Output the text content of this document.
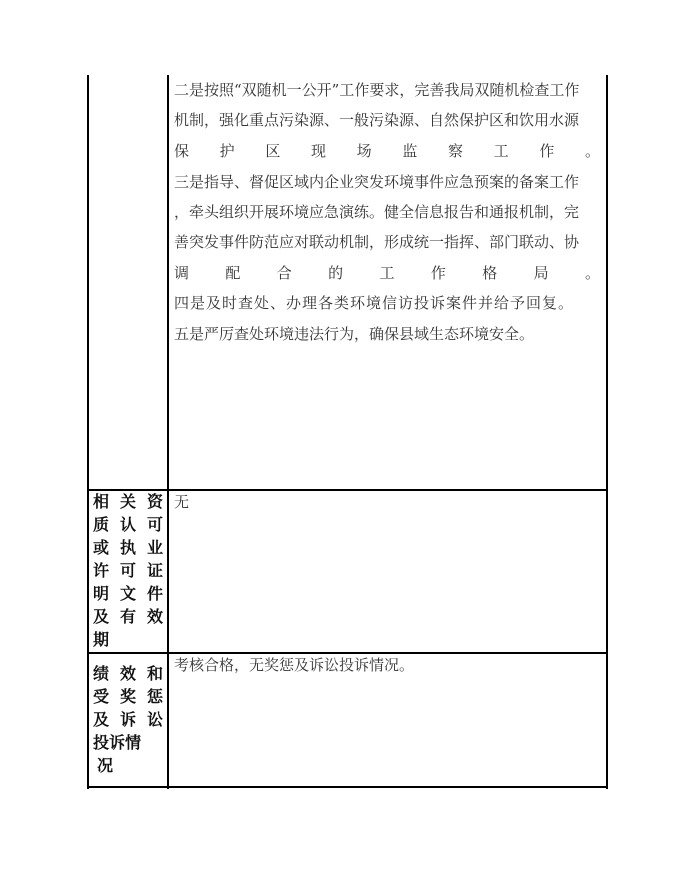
二是按照“双随机一公开”工作要求，完善我局双随机检查工作
机制，强化重点污染源、一般污染源、自然保护区和饮用水源
保 护 区 现 场 监 察 工 作 。
三是指导、督促区域内企业突发环境事件应急预案的备案工作
，牵头组织开展环境应急演练。健全信息报告和通报机制，完
善突发事件防范应对联动机制，形成统一指挥、部门联动、协
调 配 合 的 工 作 格 局 。
四是及时查处、办理各类环境信访投诉案件并给予回复。
五是严厉查处环境违法行为，确保县域生态环境安全。
相 关 资
质 认 可
或 执 业
许 可 证
明 文 件
及 有 效
期
无
绩 效 和
受 奖 惩
及 诉 讼
投诉情
况
考核合格，无奖惩及诉讼投诉情况。
